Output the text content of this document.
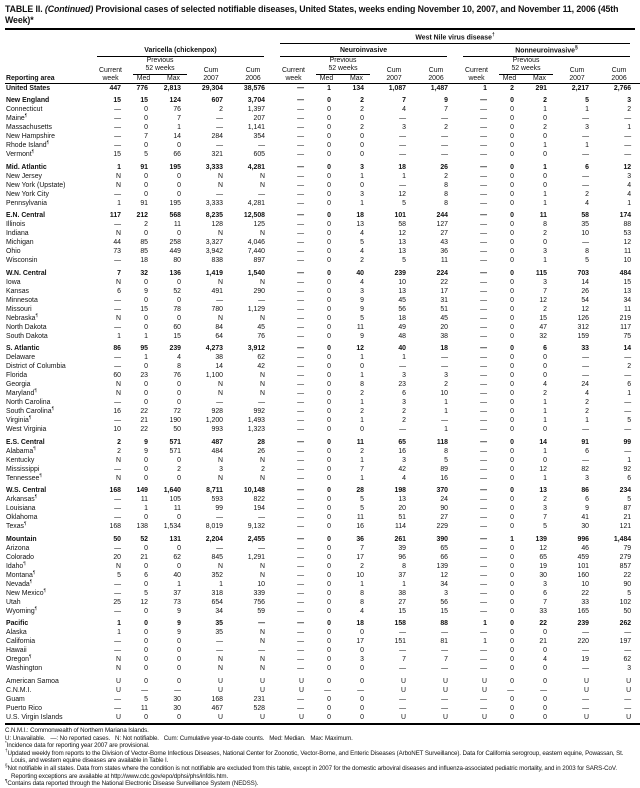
TABLE II. (Continued) Provisional cases of selected notifiable diseases, United States, weeks ending November 10, 2007, and November 11, 2006 (45th Week)*

						West Nile virus disease†

	Varicella (chickenpox)					Neuroinvasive					Nonneuroinvasive§

		Previous					Previous					Previous			
	Current	52 weeks		Cum	Cum	Current	52 weeks		Cum	Cum	Current	52 weeks		Cum	Cum
Reporting area	week	Med	Max	2007	2006	week	Med	Max	2007	2006	week	Med	Max	2007	2006
United States	447	776	2,813	29,304	38,576	—	1	134	1,087	1,487	1	2	291	2,217	2,766
New England	15	15	124	607	3,704	—	0	2	7	9	—	0	2	5	3
Connecticut	—	0	76	2	1,397	—	0	2	4	7	—	0	1	1	2
Maine¶	—	0	7	—	207	—	0	0	—	—	—	0	0	—	—
Massachusetts	—	0	1	—	1,141	—	0	2	3	2	—	0	2	3	1
New Hampshire	—	7	14	284	354	—	0	0	—	—	—	0	0	—	—
Rhode Island¶	—	0	0	—	—	—	0	0	—	—	—	0	1	1	—
Vermont¶	15	5	66	321	605	—	0	0	—	—	—	0	0	—	—
Mid. Atlantic	1	91	195	3,333	4,281	—	0	3	18	26	—	0	1	6	12
New Jersey	N	0	0	N	N	—	0	1	1	2	—	0	0	—	3
New York (Upstate)	N	0	0	N	N	—	0	0	—	8	—	0	0	—	4
New York City	—	0	0	—	—	—	0	3	12	8	—	0	1	2	4
Pennsylvania	1	91	195	3,333	4,281	—	0	1	5	8	—	0	1	4	1
E.N. Central	117	212	568	8,235	12,508	—	0	18	101	244	—	0	11	58	174
Illinois	—	2	11	128	125	—	0	13	58	127	—	0	8	35	88
Indiana	N	0	0	N	N	—	0	4	12	27	—	0	2	10	53
Michigan	44	85	258	3,327	4,046	—	0	5	13	43	—	0	0	—	12
Ohio	73	85	449	3,942	7,440	—	0	4	13	36	—	0	3	8	11
Wisconsin	—	18	80	838	897	—	0	2	5	11	—	0	1	5	10
W.N. Central	7	32	136	1,419	1,540	—	0	40	239	224	—	0	115	703	484
Iowa	N	0	0	N	N	—	0	4	10	22	—	0	3	14	15
Kansas	6	9	52	491	290	—	0	3	13	17	—	0	7	26	13
Minnesota	—	0	0	—	—	—	0	9	45	31	—	0	12	54	34
Missouri	—	15	78	780	1,129	—	0	9	56	51	—	0	2	12	11
Nebraska¶	N	0	0	N	N	—	0	5	18	45	—	0	15	126	219
North Dakota	—	0	60	84	45	—	0	11	49	20	—	0	47	312	117
South Dakota	1	1	15	64	76	—	0	9	48	38	—	0	32	159	75
S. Atlantic	86	95	239	4,273	3,912	—	0	12	40	18	—	0	6	33	14
Delaware	—	1	4	38	62	—	0	1	1	—	—	0	0	—	—
District of Columbia	—	0	8	14	42	—	0	0	—	—	—	0	0	—	2
Florida	60	23	76	1,100	N	—	0	1	3	3	—	0	0	—	—
Georgia	N	0	0	N	N	—	0	8	23	2	—	0	4	24	6
Maryland¶	N	0	0	N	N	—	0	2	6	10	—	0	2	4	1
North Carolina	—	0	0	—	—	—	0	1	3	1	—	0	1	2	—
South Carolina¶	16	22	72	928	992	—	0	2	2	1	—	0	1	2	—
Virginia¶	—	21	190	1,200	1,493	—	0	1	2	—	—	0	1	1	5
West Virginia	10	22	50	993	1,323	—	0	0	—	1	—	0	0	—	—
E.S. Central	2	9	571	487	28	—	0	11	65	118	—	0	14	91	99
Alabama¶	2	9	571	484	26	—	0	2	16	8	—	0	1	6	—
Kentucky	N	0	0	N	N	—	0	1	3	5	—	0	0	—	1
Mississippi	—	0	2	3	2	—	0	7	42	89	—	0	12	82	92
Tennessee¶	N	0	0	N	N	—	0	1	4	16	—	0	1	3	6
W.S. Central	168	149	1,640	8,711	10,148	—	0	28	198	370	—	0	13	86	234
Arkansas¶	—	11	105	593	822	—	0	5	13	24	—	0	2	6	5
Louisiana	—	1	11	99	194	—	0	5	20	90	—	0	3	9	87
Oklahoma	—	0	0	—	—	—	0	11	51	27	—	0	7	41	21
Texas¶	168	138	1,534	8,019	9,132	—	0	16	114	229	—	0	5	30	121
Mountain	50	52	131	2,204	2,455	—	0	36	261	390	—	1	139	996	1,484
Arizona	—	0	0	—	—	—	0	7	39	65	—	0	12	46	79
Colorado	20	21	62	845	1,291	—	0	17	96	66	—	0	65	459	279
Idaho¶	N	0	0	N	N	—	0	2	8	139	—	0	19	101	857
Montana¶	5	6	40	352	N	—	0	10	37	12	—	0	30	160	22
Nevada¶	—	0	1	1	10	—	0	1	1	34	—	0	3	10	90
New Mexico¶	—	5	37	318	339	—	0	8	38	3	—	0	6	22	5
Utah	25	12	73	654	756	—	0	8	27	56	—	0	7	33	102
Wyoming¶	—	0	9	34	59	—	0	4	15	15	—	0	33	165	50
Pacific	1	0	9	35	—	—	0	18	158	88	1	0	22	239	262
Alaska	1	0	9	35	N	—	0	0	—	—	—	0	0	—	—
California	—	0	0	—	N	—	0	17	151	81	1	0	21	220	197
Hawaii	—	0	0	—	—	—	0	0	—	—	—	0	0	—	—
Oregon¶	N	0	0	N	N	—	0	3	7	7	—	0	4	19	62
Washington	N	0	0	N	N	—	0	0	—	—	—	0	0	—	3
American Samoa	U	0	0	U	U	U	0	0	U	U	U	0	0	U	U
C.N.M.I.	U	—	—	U	U	U	—	—	U	U	U	—	—	U	U
Guam	—	5	30	168	231	—	0	0	—	—	—	0	0	—	—
Puerto Rico	—	11	30	467	528	—	0	0	—	—	—	0	0	—	—
U.S. Virgin Islands	U	0	0	U	U	U	0	0	U	U	U	0	0	U	U
C.N.M.I.: Commonwealth of Northern Mariana Islands.
U: Unavailable.   —: No reported cases.   N: Not notifiable.   Cum: Cumulative year-to-date counts.   Med: Median.   Max: Maximum.
*Incidence data for reporting year 2007 are provisional.
†Updated weekly from reports to the Division of Vector-Borne Infectious Diseases, National Center for Zoonotic, Vector-Borne, and Enteric Diseases (ArboNET Surveillance). Data for California serogroup, eastern equine, Powassan, St. Louis, and western equine diseases are available in Table I.
§Not notifiable in all states. Data from states where the condition is not notifiable are excluded from this table, except in 2007 for the domestic arboviral diseases and influenza-associated pediatric mortality, and in 2003 for SARS-CoV. Reporting exceptions are available at http://www.cdc.gov/epo/dphsi/phs/infdis.htm.
¶Contains data reported through the National Electronic Disease Surveillance System (NEDSS).
